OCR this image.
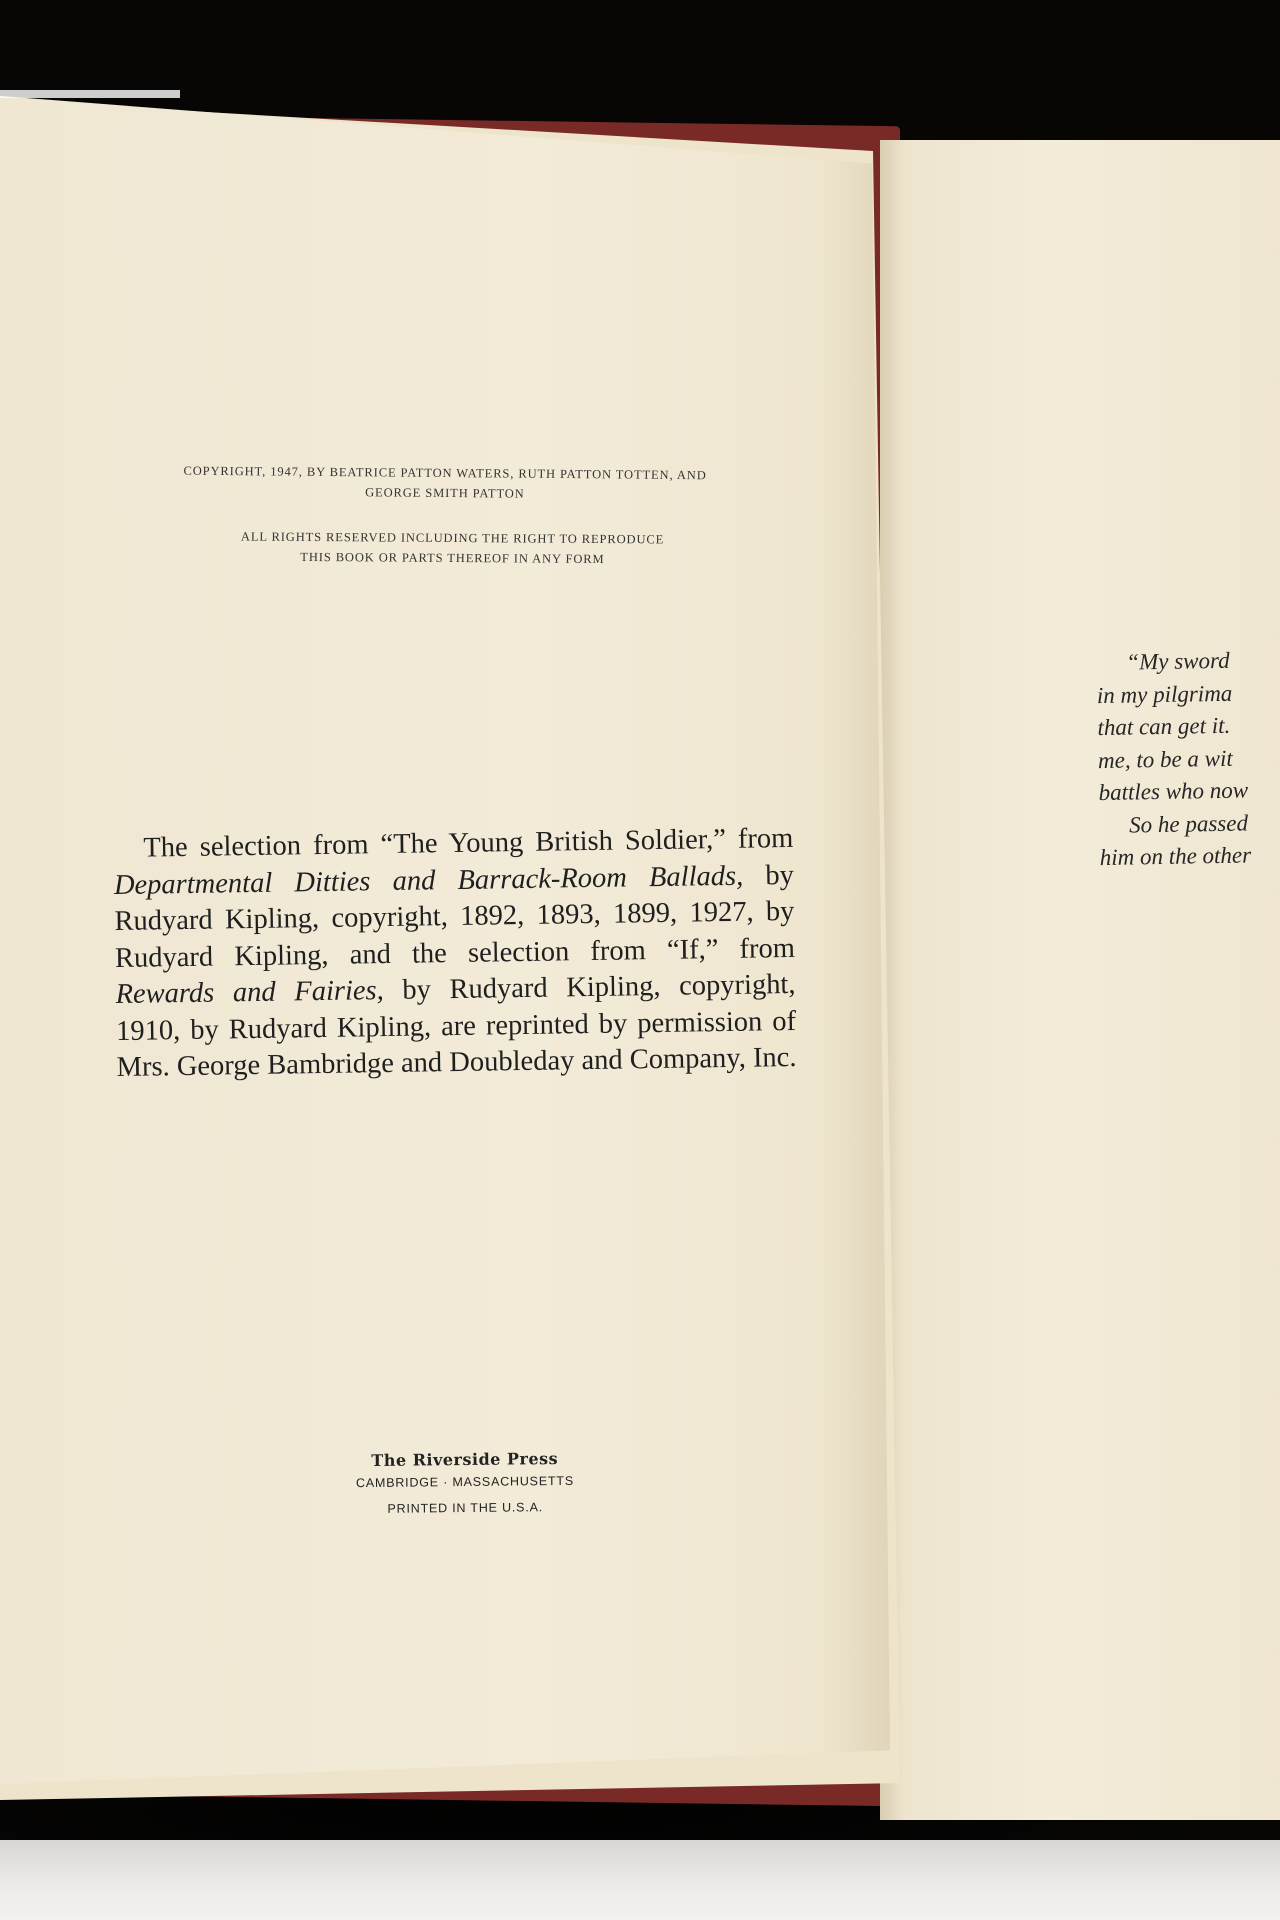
“My sword
in my pilgrima
that can get it.
me, to be a wit
battles who now
So he passed
him on the other
COPYRIGHT, 1947, BY BEATRICE PATTON WATERS, RUTH PATTON TOTTEN, AND
GEORGE SMITH PATTON
ALL RIGHTS RESERVED INCLUDING THE RIGHT TO REPRODUCE
THIS BOOK OR PARTS THEREOF IN ANY FORM
The selection from “The Young British Soldier,” from Departmental Ditties and Barrack-Room Ballads, by Rudyard Kipling, copyright, 1892, 1893, 1899, 1927, by Rudyard Kipling, and the selection from “If,” from Rewards and Fairies, by Rudyard Kipling, copyright, 1910, by Rudyard Kipling, are reprinted by permission of Mrs. George Bambridge and Doubleday and Company, Inc.
The Riverside Press
CAMBRIDGE · MASSACHUSETTS
PRINTED IN THE U.S.A.
